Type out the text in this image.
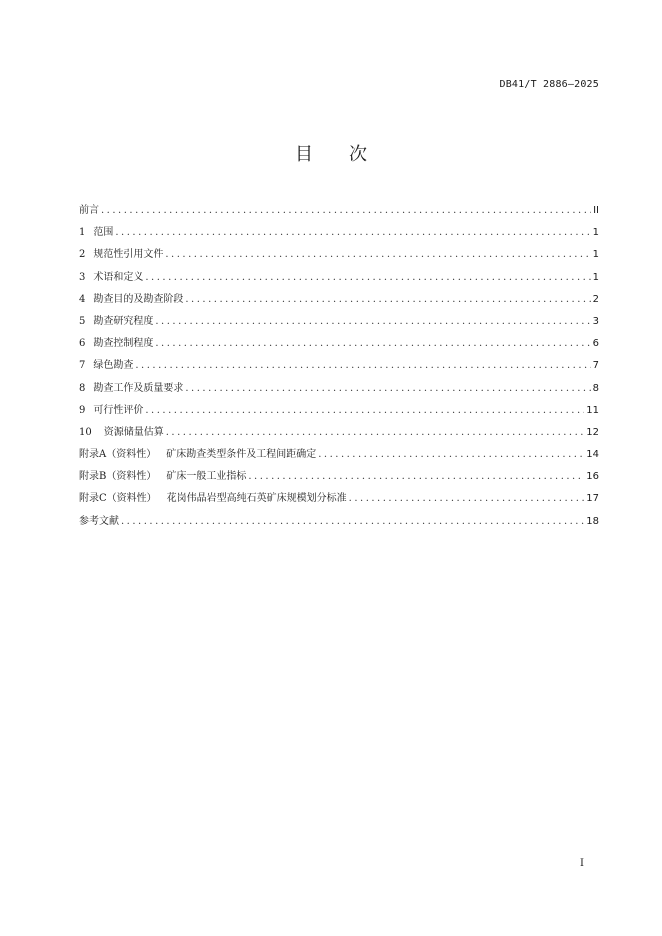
DB41/T 2886—2025
目次
前言 .....	II
1 范围 .....	1
2 规范性引用文件 .....	1
3 术语和定义 .....	1
4 勘查目的及勘查阶段 .....	2
5 勘查研究程度 .....	3
6 勘查控制程度 .....	6
7 绿色勘查 .....	7
8 勘查工作及质量要求 .....	8
9 可行性评价 .....	11
10 资源储量估算 .....	12
附录A（资料性） 矿床勘查类型条件及工程间距确定 .....	14
附录B（资料性） 矿床一般工业指标 .....	16
附录C（资料性） 花岗伟晶岩型高纯石英矿床规模划分标准 .....	17
参考文献 .....	18
I
